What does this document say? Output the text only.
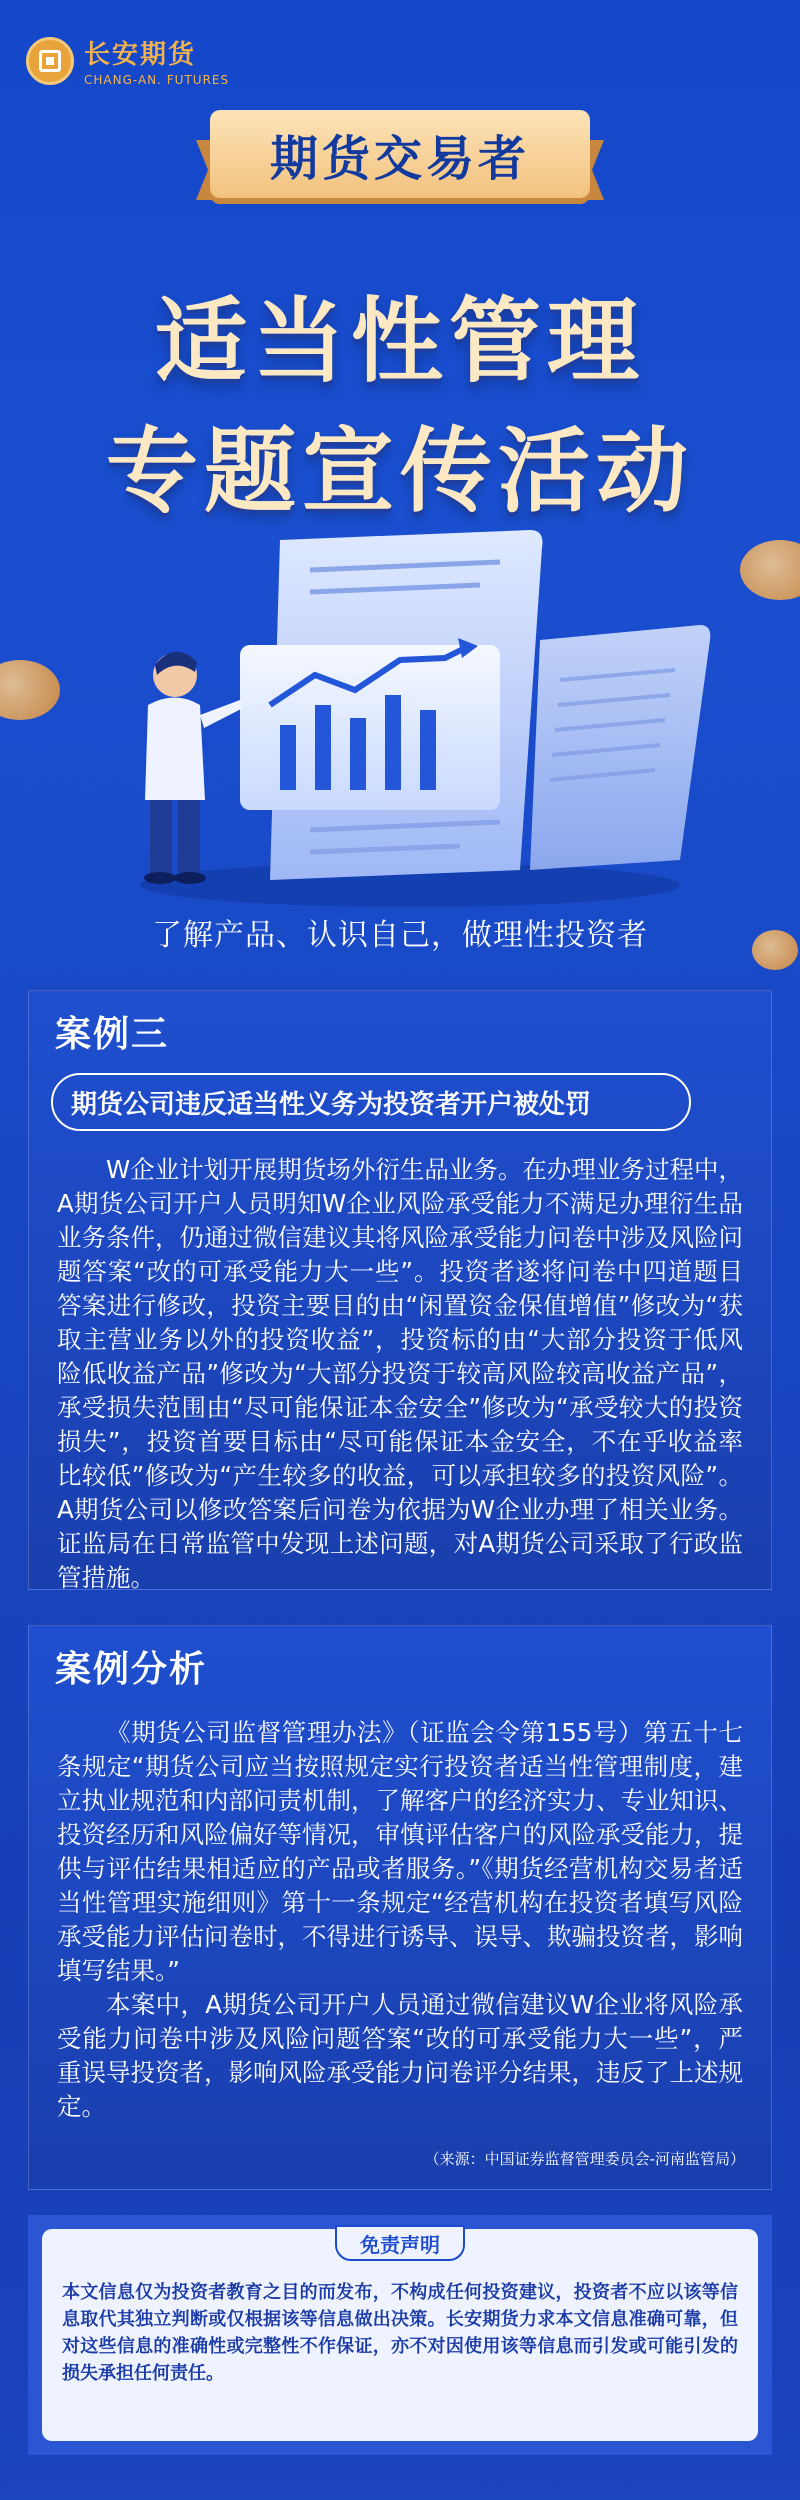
长安期货
CHANG-AN. FUTURES
期货交易者
适当性管理
专题宣传活动
了解产品、认识自己，做理性投资者
案例三
期货公司违反适当性义务为投资者开户被处罚

W企业计划开展期货场外衍生品业务。在办理业务过程中，A期货公司开户人员明知W企业风险承受能力不满足办理衍生品业务条件，仍通过微信建议其将风险承受能力问卷中涉及风险问题答案“改的可承受能力大一些”。投资者遂将问卷中四道题目答案进行修改，投资主要目的由“闲置资金保值增值”修改为“获取主营业务以外的投资收益”，投资标的由“大部分投资于低风险低收益产品”修改为“大部分投资于较高风险较高收益产品”，承受损失范围由“尽可能保证本金安全”修改为“承受较大的投资损失”，投资首要目标由“尽可能保证本金安全，不在乎收益率比较低”修改为“产生较多的收益，可以承担较多的投资风险”。A期货公司以修改答案后问卷为依据为W企业办理了相关业务。证监局在日常监管中发现上述问题，对A期货公司采取了行政监管措施。

案例分析

《期货公司监督管理办法》（证监会令第155号）第五十七条规定“期货公司应当按照规定实行投资者适当性管理制度，建立执业规范和内部问责机制，了解客户的经济实力、专业知识、投资经历和风险偏好等情况，审慎评估客户的风险承受能力，提供与评估结果相适应的产品或者服务。”《期货经营机构交易者适当性管理实施细则》第十一条规定“经营机构在投资者填写风险承受能力评估问卷时，不得进行诱导、误导、欺骗投资者，影响填写结果。”

本案中，A期货公司开户人员通过微信建议W企业将风险承受能力问卷中涉及风险问题答案“改的可承受能力大一些”，严重误导投资者，影响风险承受能力问卷评分结果，违反了上述规定。

（来源：中国证券监督管理委员会-河南监管局）
免责声明
本文信息仅为投资者教育之目的而发布，不构成任何投资建议，投资者不应以该等信息取代其独立判断或仅根据该等信息做出决策。长安期货力求本文信息准确可靠，但对这些信息的准确性或完整性不作保证，亦不对因使用该等信息而引发或可能引发的损失承担任何责任。
